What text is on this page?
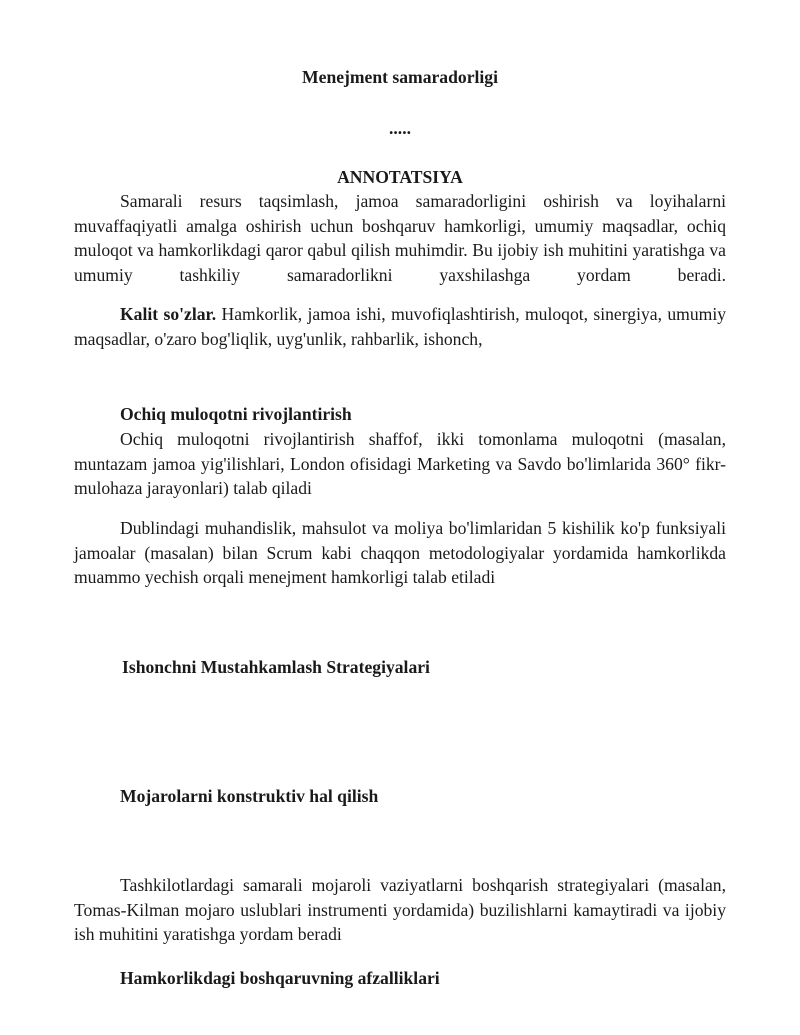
Menejment samaradorligi

.....

ANNOTATSIYA

Samarali resurs taqsimlash, jamoa samaradorligini oshirish va loyihalarni muvaffaqiyatli amalga oshirish uchun boshqaruv hamkorligi, umumiy maqsadlar, ochiq muloqot va hamkorlikdagi qaror qabul qilish muhimdir. Bu ijobiy ish muhitini yaratishga va umumiy tashkiliy samaradorlikni yaxshilashga yordam beradi.

Kalit so'zlar. Hamkorlik, jamoa ishi, muvofiqlashtirish, muloqot, sinergiya, umumiy maqsadlar, o'zaro bog'liqlik, uyg'unlik, rahbarlik, ishonch,

Ochiq muloqotni rivojlantirish

Ochiq muloqotni rivojlantirish shaffof, ikki tomonlama muloqotni (masalan, muntazam jamoa yig'ilishlari, London ofisidagi Marketing va Savdo bo'limlarida 360° fikr-mulohaza jarayonlari) talab qiladi

Dublindagi muhandislik, mahsulot va moliya bo'limlaridan 5 kishilik ko'p funksiyali jamoalar (masalan) bilan Scrum kabi chaqqon metodologiyalar yordamida hamkorlikda muammo yechish orqali menejment hamkorligi talab etiladi

Ishonchni Mustahkamlash Strategiyalari

Mojarolarni konstruktiv hal qilish

Tashkilotlardagi samarali mojaroli vaziyatlarni boshqarish strategiyalari (masalan, Tomas-Kilman mojaro uslublari instrumenti yordamida) buzilishlarni kamaytiradi va ijobiy ish muhitini yaratishga yordam beradi

Hamkorlikdagi boshqaruvning afzalliklari
